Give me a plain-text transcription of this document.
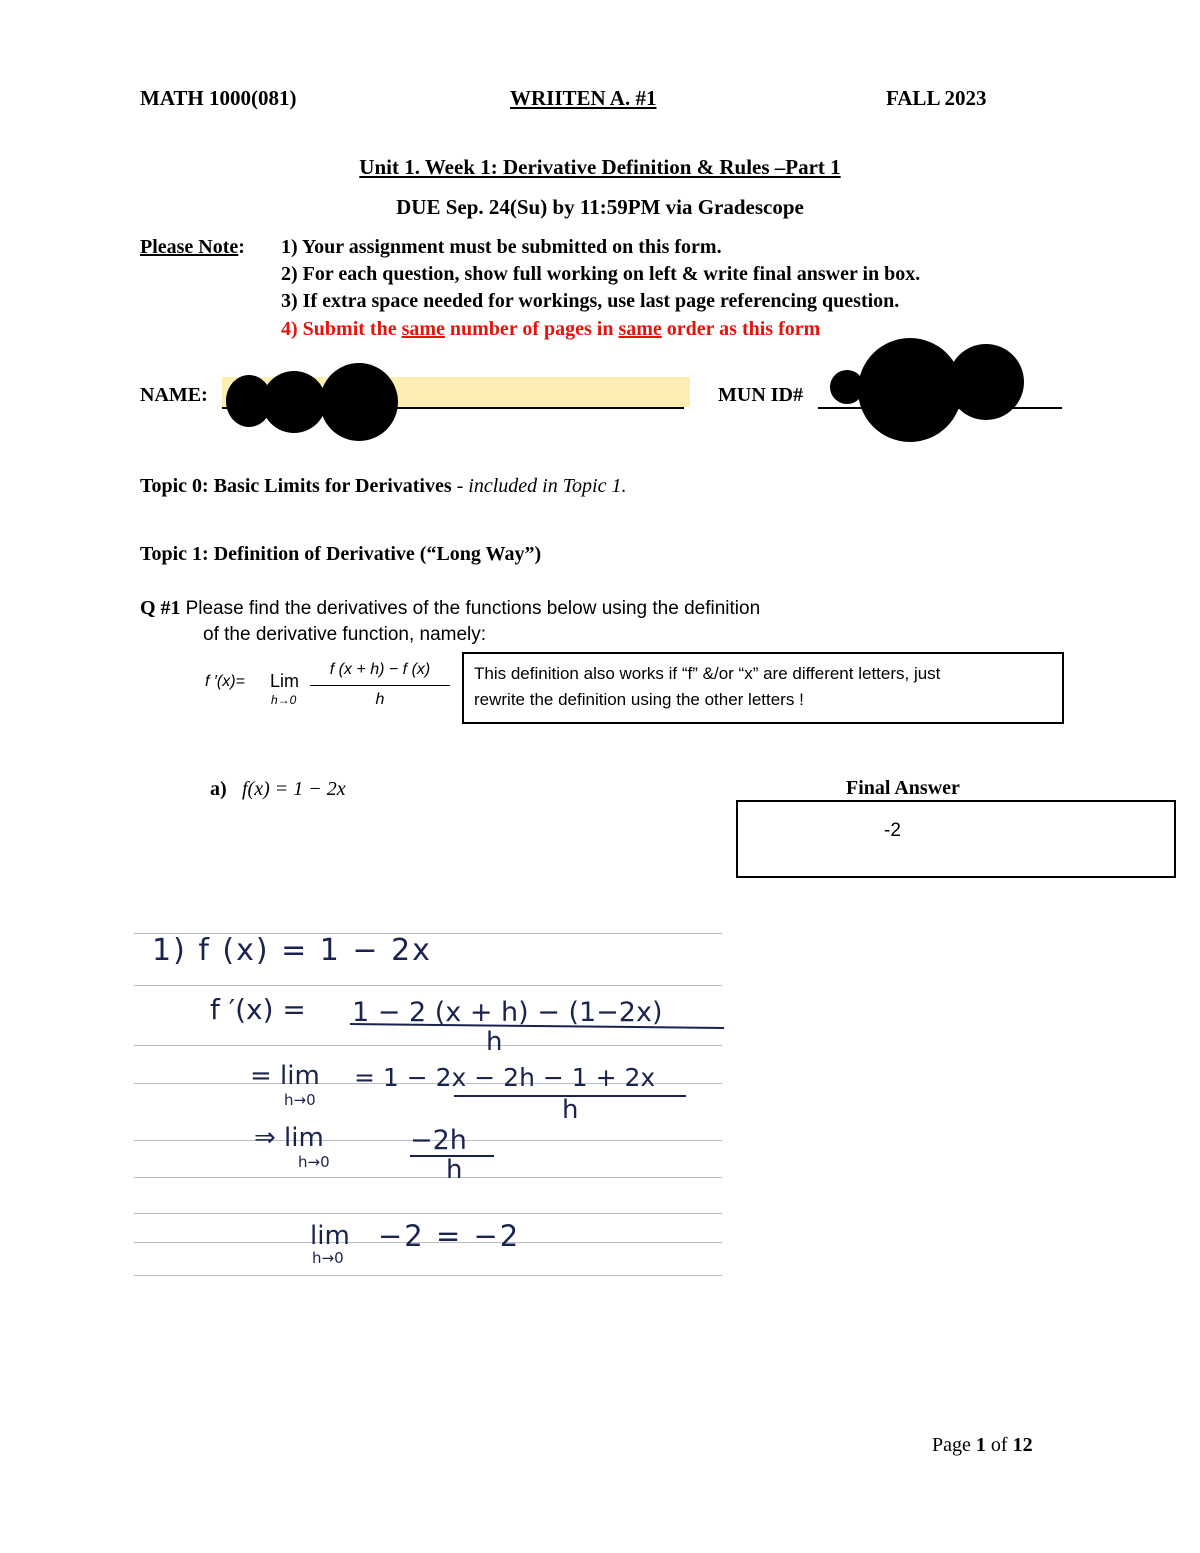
MATH 1000(081)	WRIITEN A. #1	FALL 2023
Unit 1. Week 1: Derivative Definition & Rules –Part 1
DUE Sep. 24(Su) by 11:59PM via Gradescope
Please Note: 1) Your assignment must be submitted on this form.
2) For each question, show full working on left & write final answer in box.
3) If extra space needed for workings, use last page referencing question.
4) Submit the same number of pages in same order as this form
NAME:	MUN ID#
Topic 0: Basic Limits for Derivatives - included in Topic 1.
Topic 1: Definition of Derivative (“Long Way”)
Q #1 Please find the derivatives of the functions below using the definition
of the derivative function, namely:
f ′(x)= Lim
h→0
f (x + h) − f (x)
h
This definition also works if “f” &/or “x” are different letters, just
rewrite the definition using the other letters !
a) f(x) = 1 − 2x	Final Answer
-2
1) f (x) = 1 − 2x
f ′(x) = 1 − 2 (x + h) − (1−2x)
h
= lim
h→0
= 1 − 2x − 2h − 1 + 2x
h
⇒ lim
h→0
−2h
h
lim
h→0
−2 = −2
Page 1 of 12
